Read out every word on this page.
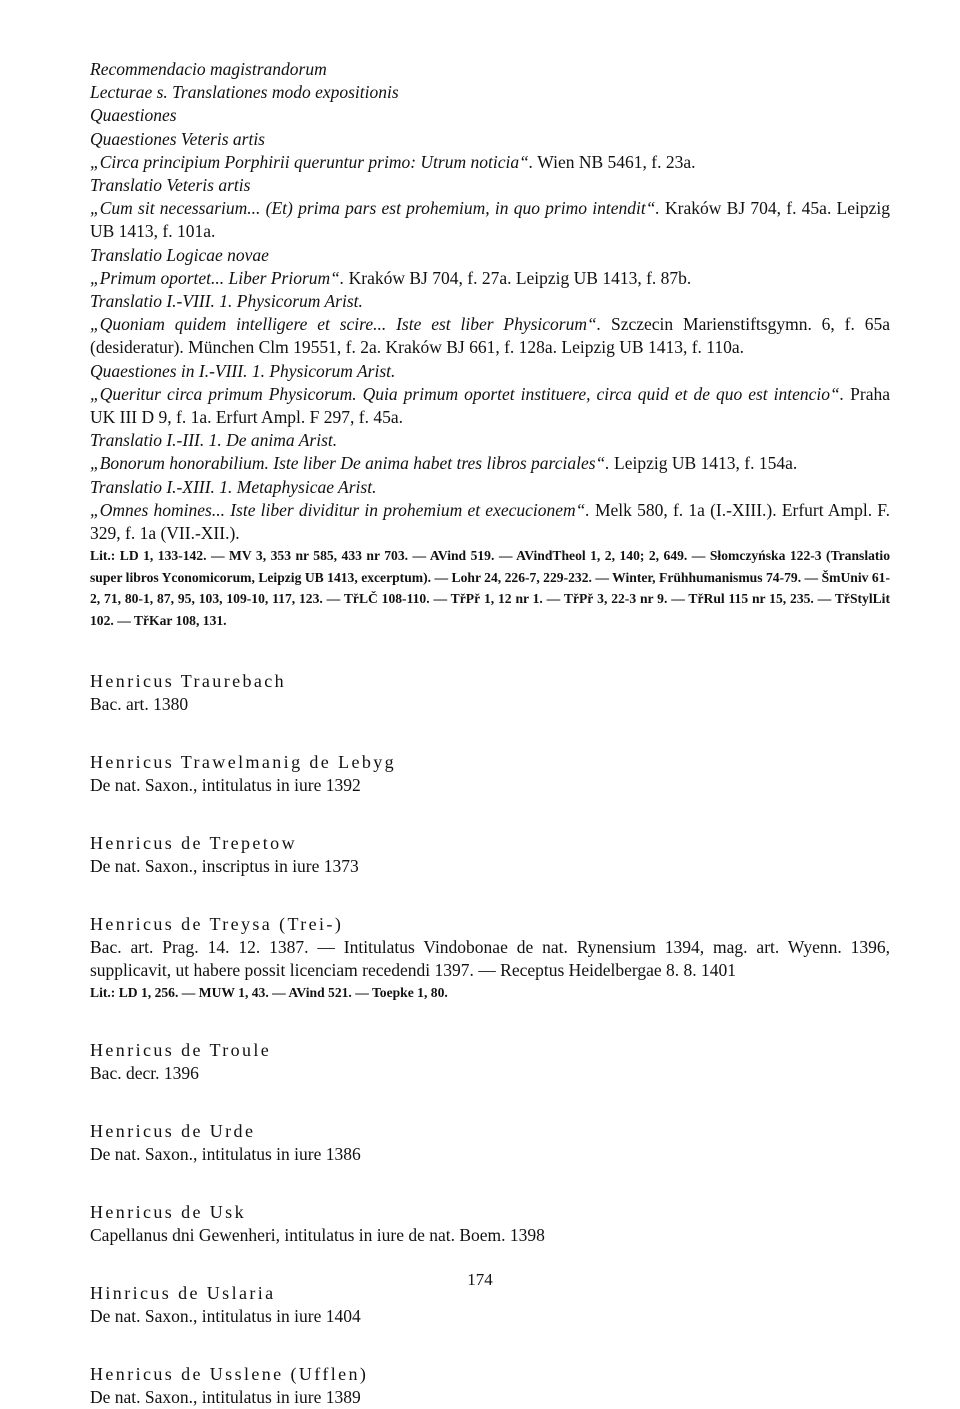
Recommendacio magistrandorum
Lecturae s. Translationes modo expositionis
Quaestiones
Quaestiones Veteris artis
„Circa principium Porphirii queruntur primo: Utrum noticia“. Wien NB 5461, f. 23a.
Translatio Veteris artis
„Cum sit necessarium... (Et) prima pars est prohemium, in quo primo intendit“. Kraków BJ 704, f. 45a. Leipzig UB 1413, f. 101a.
Translatio Logicae novae
„Primum oportet... Liber Priorum“. Kraków BJ 704, f. 27a. Leipzig UB 1413, f. 87b.
Translatio I.-VIII. 1. Physicorum Arist.
„Quoniam quidem intelligere et scire... Iste est liber Physicorum“. Szczecin Marienstiftsgymn. 6, f. 65a (desideratur). München Clm 19551, f. 2a. Kraków BJ 661, f. 128a. Leipzig UB 1413, f. 110a.
Quaestiones in I.-VIII. 1. Physicorum Arist.
„Queritur circa primum Physicorum. Quia primum oportet instituere, circa quid et de quo est intencio“. Praha UK III D 9, f. 1a. Erfurt Ampl. F 297, f. 45a.
Translatio I.-III. 1. De anima Arist.
„Bonorum honorabilium. Iste liber De anima habet tres libros parciales“. Leipzig UB 1413, f. 154a.
Translatio I.-XIII. 1. Metaphysicae Arist.
„Omnes homines... Iste liber dividitur in prohemium et execucionem“. Melk 580, f. 1a (I.-XIII.). Erfurt Ampl. F. 329, f. 1a (VII.-XII.).
Lit.: LD 1, 133-142. — MV 3, 353 nr 585, 433 nr 703. — AVind 519. — AVindTheol 1, 2, 140; 2, 649. — Słomczyńska 122-3 (Translatio super libros Yconomicorum, Leipzig UB 1413, excerptum). — Lohr 24, 226-7, 229-232. — Winter, Frühhumanismus 74-79. — ŠmUniv 61-2, 71, 80-1, 87, 95, 103, 109-10, 117, 123. — TřLČ 108-110. — TřPř 1, 12 nr 1. — TřPř 3, 22-3 nr 9. — TřRul 115 nr 15, 235. — TřStylLit 102. — TřKar 108, 131.
Henricus Traurebach
Bac. art. 1380
Henricus Trawelmanig de Lebyg
De nat. Saxon., intitulatus in iure 1392
Henricus de Trepetow
De nat. Saxon., inscriptus in iure 1373
Henricus de Treysa (Trei-)
Bac. art. Prag. 14. 12. 1387. — Intitulatus Vindobonae de nat. Rynensium 1394, mag. art. Wyenn. 1396, supplicavit, ut habere possit licenciam recedendi 1397. — Receptus Heidelbergae 8. 8. 1401
Lit.: LD 1, 256. — MUW 1, 43. — AVind 521. — Toepke 1, 80.
Henricus de Troule
Bac. decr. 1396
Henricus de Urde
De nat. Saxon., intitulatus in iure 1386
Henricus de Usk
Capellanus dni Gewenheri, intitulatus in iure de nat. Boem. 1398
Hinricus de Uslaria
De nat. Saxon., intitulatus in iure 1404
Henricus de Usslene (Ufflen)
De nat. Saxon., intitulatus in iure 1389
174
